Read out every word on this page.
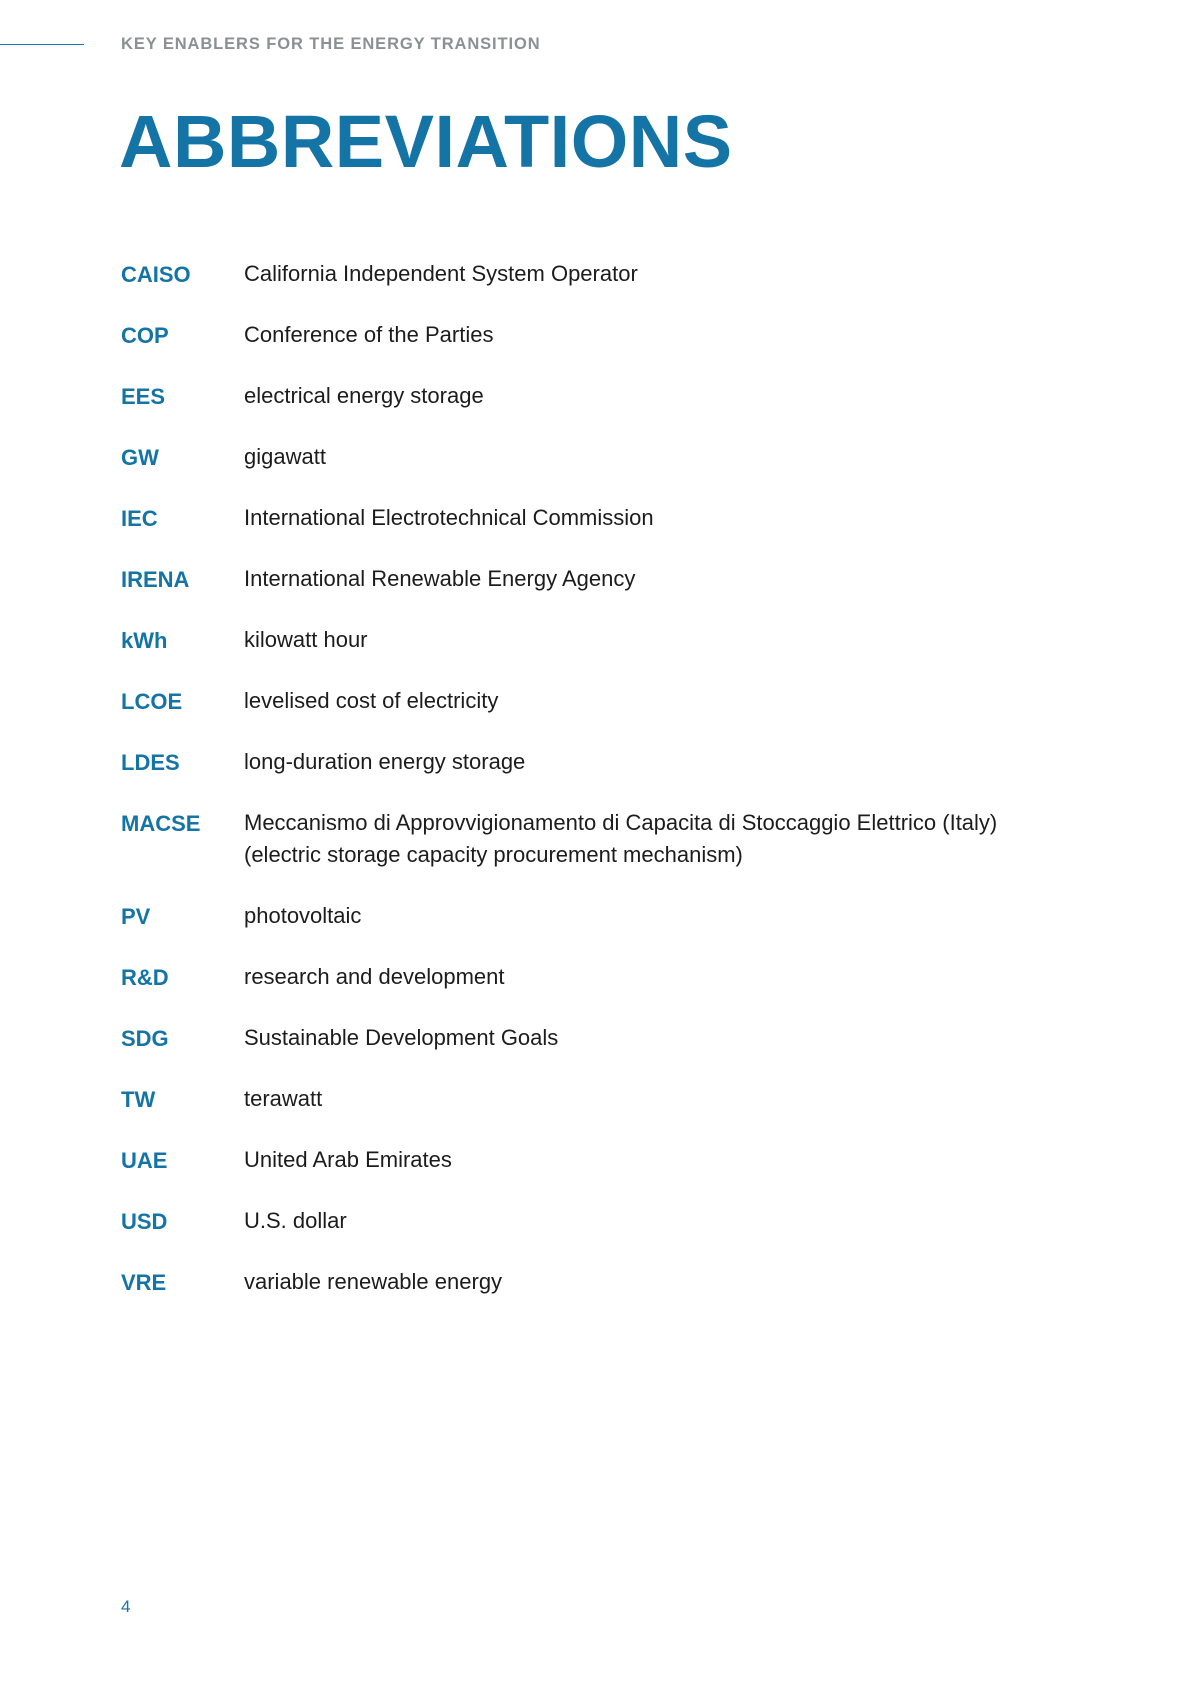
KEY ENABLERS FOR THE ENERGY TRANSITION
ABBREVIATIONS
CAISO	California Independent System Operator
COP	Conference of the Parties
EES	electrical energy storage
GW	gigawatt
IEC	International Electrotechnical Commission
IRENA	International Renewable Energy Agency
kWh	kilowatt hour
LCOE	levelised cost of electricity
LDES	long-duration energy storage
MACSE	Meccanismo di Approvvigionamento di Capacita di Stoccaggio Elettrico (Italy)
(electric storage capacity procurement mechanism)
PV	photovoltaic
R&D	research and development
SDG	Sustainable Development Goals
TW	terawatt
UAE	United Arab Emirates
USD	U.S. dollar
VRE	variable renewable energy
4
